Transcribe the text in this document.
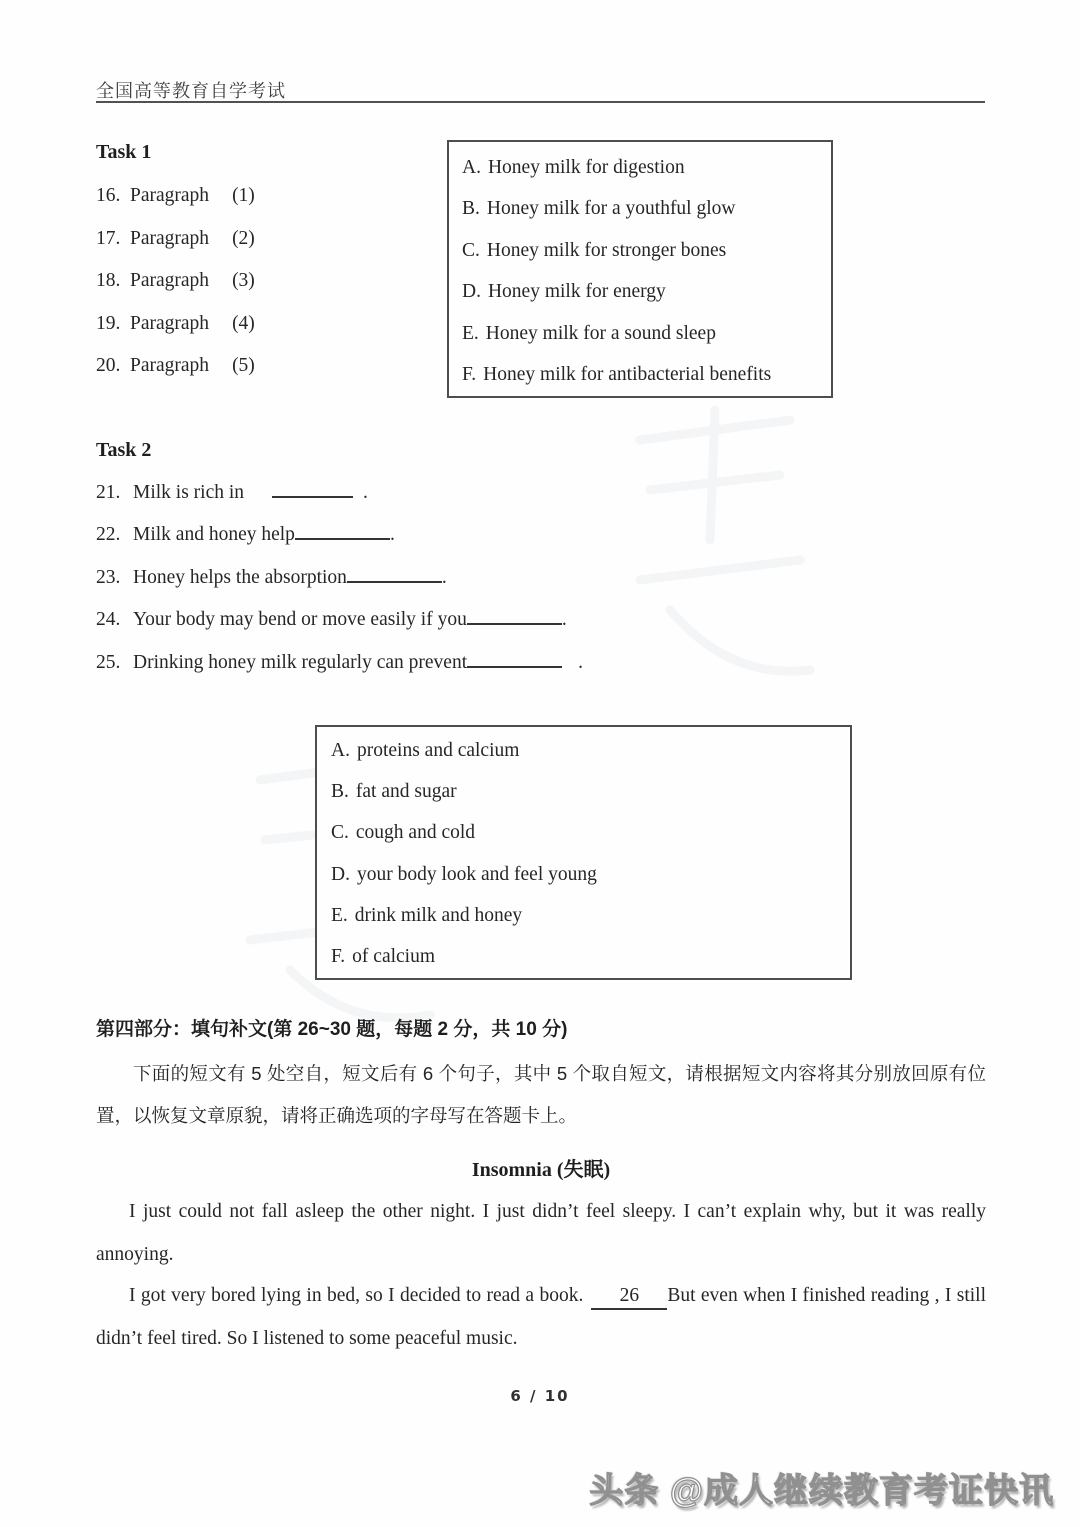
全国高等教育自学考试
Task 1
16. Paragraph (1)
17. Paragraph (2)
18. Paragraph (3)
19. Paragraph (4)
20. Paragraph (5)
A. Honey milk for digestion
B. Honey milk for a youthful glow
C. Honey milk for stronger bones
D. Honey milk for energy
E. Honey milk for a sound sleep
F. Honey milk for antibacterial benefits
Task 2
21. Milk is rich in	.
22. Milk and honey help	.
23. Honey helps the absorption	.
24. Your body may bend or move easily if you	.
25. Drinking honey milk regularly can prevent	.
A. proteins and calcium
B. fat and sugar
C. cough and cold
D. your body look and feel young
E. drink milk and honey
F. of calcium
第四部分：填句补文(第 26~30 题，每题 2 分，共 10 分)
下面的短文有 5 处空自，短文后有 6 个句子，其中 5 个取自短文，请根据短文内容将其分别放回原有位置，以恢复文章原貌，请将正确选项的字母写在答题卡上。
Insomnia (失眠)
I just could not fall asleep the other night. I just didn’t feel sleepy. I can’t explain why, but it was really annoying.
I got very bored lying in bed, so I decided to read a book. 26 But even when I finished reading , I still didn’t feel tired. So I listened to some peaceful music.
6 / 10
头条 @成人继续教育考证快讯
